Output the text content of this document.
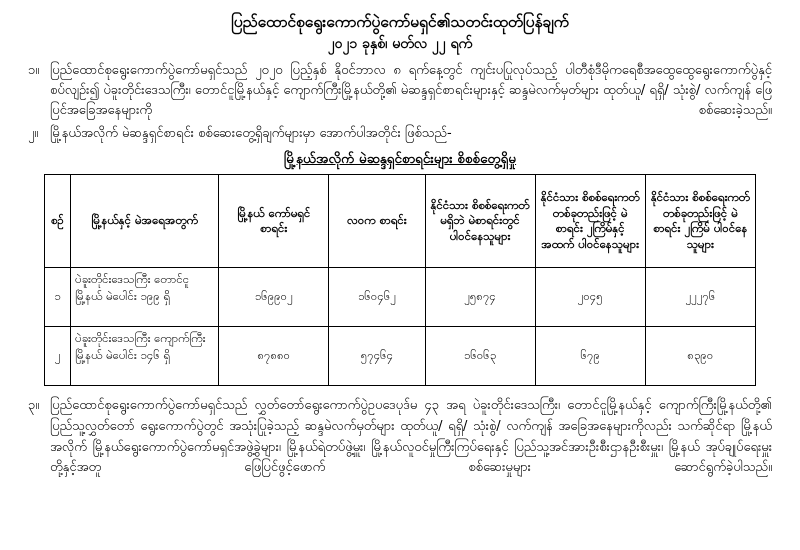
ပြည်ထောင်စုရွေးကောက်ပွဲကော်မရှင်၏သတင်းထုတ်ပြန်ချက်
၂၀၂၁ ခုနှစ်၊ မတ်လ ၂၂ ရက်
၁။ ပြည်ထောင်စုရွေးကောက်ပွဲကော်မရှင်သည် ၂၀၂၀ ပြည့်နှစ် နိုဝင်ဘာလ ၈ ရက်နေ့တွင် ကျင်းပပြုလုပ်သည့် ပါတီစုံဒီမိုကရေစီအထွေထွေရွေးကောက်ပွဲနှင့်စပ်လျဉ်း၍ ပဲခူးတိုင်းဒေသကြီး၊ တောင်ငူမြို့နယ်နှင့် ကျောက်ကြီးမြို့နယ်တို့၏ မဲဆန္ဒရှင်စာရင်းများနှင့် ဆန္ဒမဲလက်မှတ်များ ထုတ်ယူ/ ရရှိ/ သုံးစွဲ/ လက်ကျန် ဖြေပြင်အခြေအနေများကို စစ်ဆေးခဲ့သည်။
၂။ မြို့နယ်အလိုက် မဲဆန္ဒရှင်စာရင်း စစ်ဆေးတွေ့ရှိချက်များမှာ အောက်ပါအတိုင်း ဖြစ်သည်-
မြို့နယ်အလိုက် မဲဆန္ဒရှင်စာရင်းများ စိစစ်တွေ့ရှိမှု
စဉ်	မြို့နယ်နှင့် မဲအရေအတွက်	မြို့နယ် ကော်မရှင် စာရင်း	လဝက စာရင်း	နိုင်ငံသား စိစစ်ရေးကတ် မရှိဘဲ မဲစာရင်းတွင် ပါဝင်နေသူများ	နိုင်ငံသား စိစစ်ရေးကတ် တစ်ခုတည်းဖြင့် မဲစာရင်း ၂ကြိမ်နှင့် အထက် ပါဝင်နေသူများ	နိုင်ငံသား စိစစ်ရေးကတ် တစ်ခုတည်းဖြင့် မဲစာရင်း ၂ကြိမ် ပါဝင်နေသူများ
၁	ပဲခူးတိုင်းဒေသကြီး တောင်ငူမြို့နယ် မဲပေါင်း ၁၉၉ ရှိ	၁၆၉၉၀၂	၁၆၀၄၆၂	၂၅၈၇၄	၂၀၄၅	၂၂၂၇၆
၂	ပဲခူးတိုင်းဒေသကြီး ကျောက်ကြီးမြို့နယ် မဲပေါင်း ၁၄၆ ရှိ	၈၇၈၈၀	၅၇၄၆၄	၁၆၀၆၃	၆၇၉	၈၃၉၀
၃။ ပြည်ထောင်စုရွေးကောက်ပွဲကော်မရှင်သည် လွှတ်တော်ရွေးကောက်ပွဲဥပဒေပုဒ်မ ၄၃ အရ ပဲခူးတိုင်းဒေသကြီး၊ တောင်ငူမြို့နယ်နှင့် ကျောက်ကြီးမြို့နယ်တို့၏ ပြည်သူ့လွှတ်တော် ရွေးကောက်ပွဲတွင် အသုံးပြုခဲ့သည့် ဆန္ဒမဲလက်မှတ်များ ထုတ်ယူ/ ရရှိ/ သုံးစွဲ/ လက်ကျန် အခြေအနေများကိုလည်း သက်ဆိုင်ရာ မြို့နယ်အလိုက် မြို့နယ်ရွေးကောက်ပွဲကော်မရှင်အဖွဲ့ခွဲများ၊ မြို့နယ်ရဲတပ်ဖွဲ့မှူး၊ မြို့နယ်လူဝင်မှုကြီးကြပ်ရေးနှင့် ပြည်သူ့အင်အားဦးစီးဌာနဦးစီးမှူး၊ မြို့နယ် အုပ်ချုပ်ရေးမှူးတို့နှင့်အတူ ဖြေပြင်ဖွင့်ဖောက် စစ်ဆေးမှုများ ဆောင်ရွက်ခဲ့ပါသည်။
